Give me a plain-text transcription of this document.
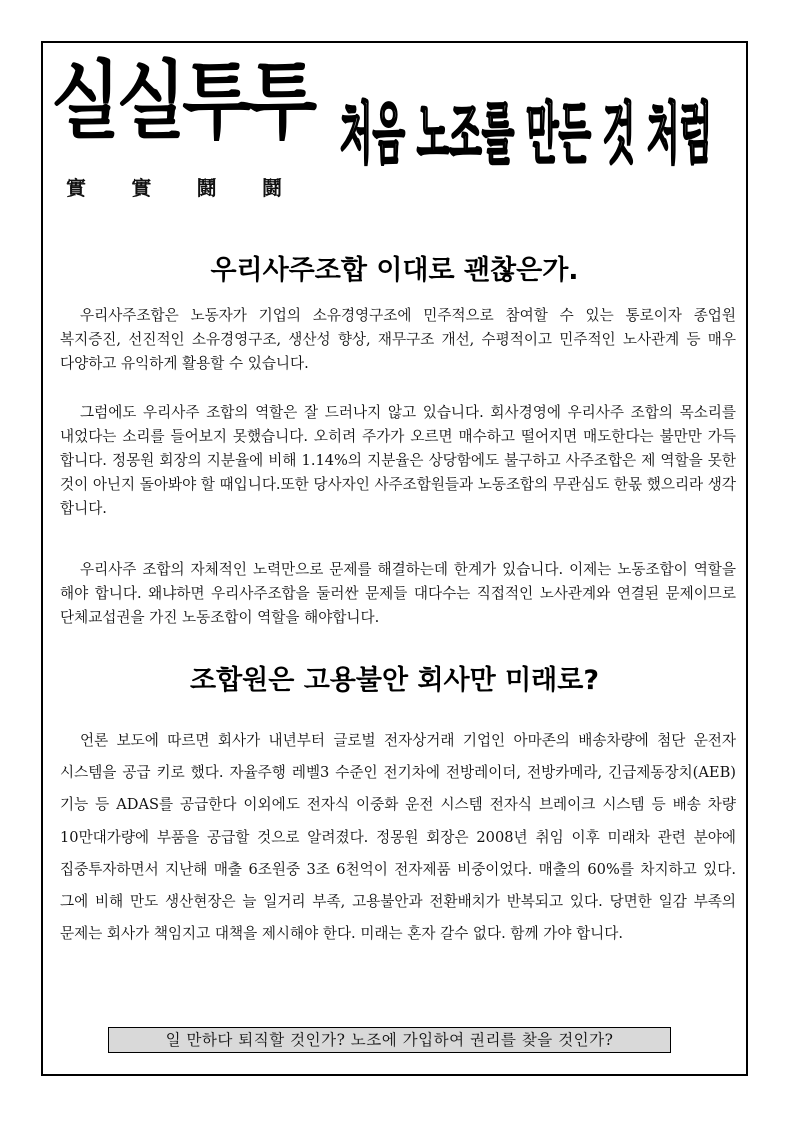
실실투투
實 實 鬪 鬪
처음 노조를 만든 것 처럼
우리사주조합 이대로 괜찮은가.

우리사주조합은 노동자가 기업의 소유경영구조에 민주적으로 참여할 수 있는 통로이자 종업원 복지증진, 선진적인 소유경영구조, 생산성 향상, 재무구조 개선, 수평적이고 민주적인 노사관계 등 매우 다양하고 유익하게 활용할 수 있습니다.

그럼에도 우리사주 조합의 역할은 잘 드러나지 않고 있습니다. 회사경영에 우리사주 조합의 목소리를 내었다는 소리를 들어보지 못했습니다. 오히려 주가가 오르면 매수하고 떨어지면 매도한다는 불만만 가득 합니다. 정몽원 회장의 지분율에 비해 1.14%의 지분율은 상당함에도 불구하고 사주조합은 제 역할을 못한 것이 아닌지 돌아봐야 할 때입니다.또한 당사자인 사주조합원들과 노동조합의 무관심도 한몫 했으리라 생각 합니다.

우리사주 조합의 자체적인 노력만으로 문제를 해결하는데 한계가 있습니다. 이제는 노동조합이 역할을 해야 합니다. 왜냐하면 우리사주조합을 둘러싼 문제들 대다수는 직접적인 노사관계와 연결된 문제이므로 단체교섭권을 가진 노동조합이 역할을 해야합니다.

조합원은 고용불안 회사만 미래로?

언론 보도에 따르면 회사가 내년부터 글로벌 전자상거래 기업인 아마존의 배송차량에 첨단 운전자 시스템을 공급 키로 했다. 자율주행 레벨3 수준인 전기차에 전방레이더, 전방카메라, 긴급제동장치(AEB) 기능 등 ADAS를 공급한다 이외에도 전자식 이중화 운전 시스템 전자식 브레이크 시스템 등 배송 차량 10만대가량에 부품을 공급할 것으로 알려졌다. 정몽원 회장은 2008년 취임 이후 미래차 관련 분야에 집중투자하면서 지난해 매출 6조원중 3조 6천억이 전자제품 비중이었다. 매출의 60%를 차지하고 있다. 그에 비해 만도 생산현장은 늘 일거리 부족, 고용불안과 전환배치가 반복되고 있다. 당면한 일감 부족의 문제는 회사가 책임지고 대책을 제시해야 한다. 미래는 혼자 갈수 없다. 함께 가야 합니다.

일 만하다 퇴직할 것인가? 노조에 가입하여 권리를 찾을 것인가?
